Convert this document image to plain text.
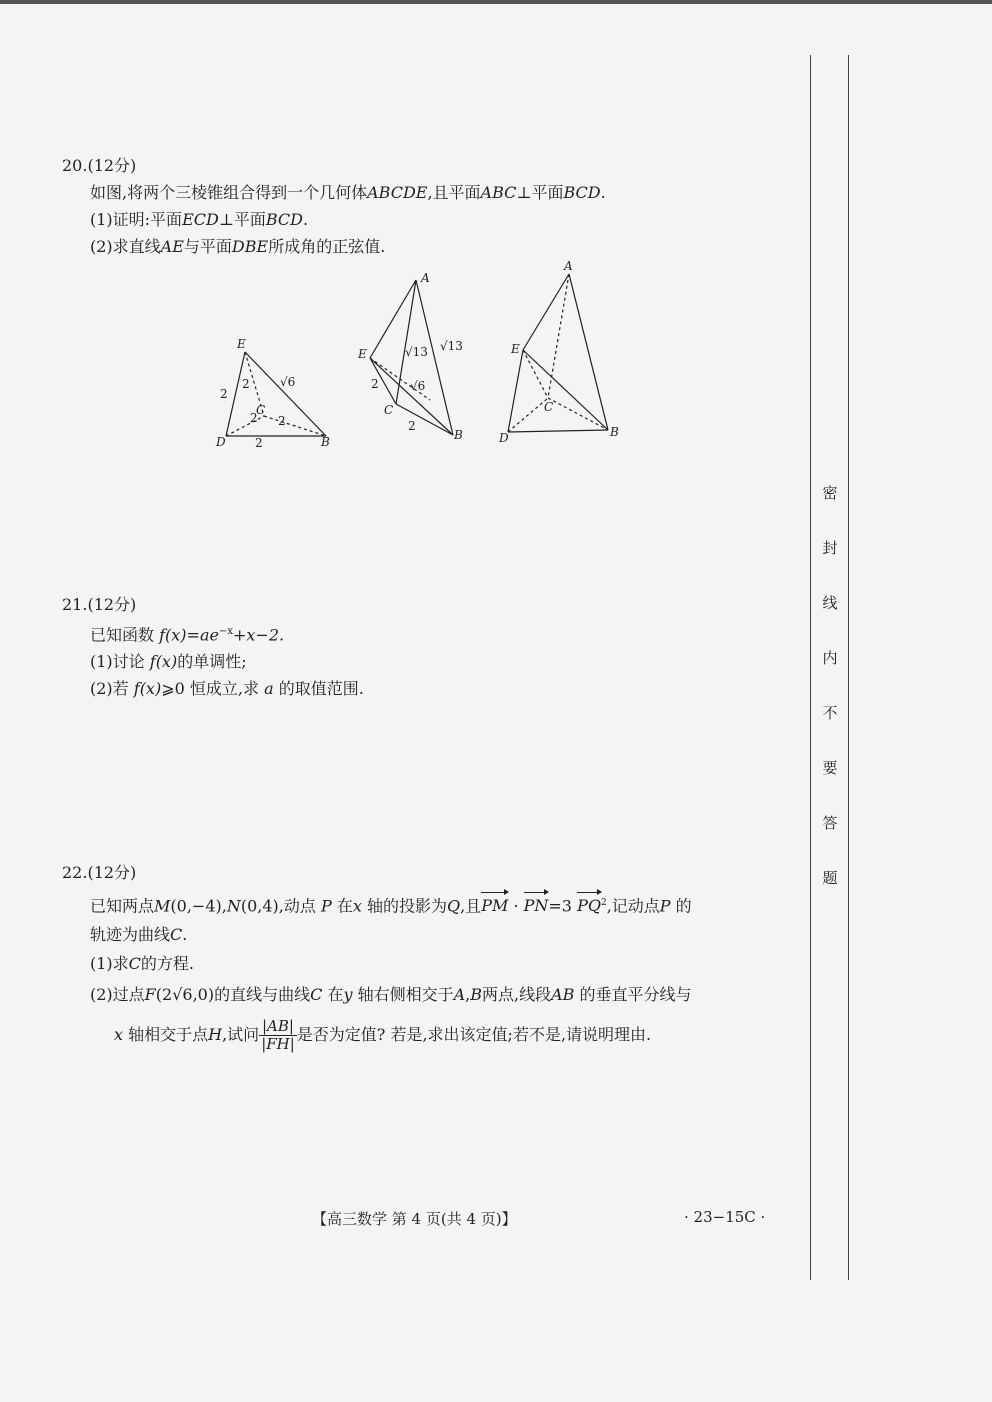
20.(12分)
如图,将两个三棱锥组合得到一个几何体ABCDE,且平面ABC⊥平面BCD.
(1)证明:平面ECD⊥平面BCD.
(2)求直线AE与平面DBE所成角的正弦值.
E
C
D	B
2
2	√6
2 2
2
A
E
C
B
√13 √13
2	√6
2
A
E
C
D	B
21.(12分)
已知函数 $f(x)=ae^{-x}+x-2$.
(1)讨论 f(x)的单调性;
(2)若 f(x)⩾0 恒成立,求 a 的取值范围.
22.(12分)
已知两点M(0,−4),N(0,4),动点 P 在x 轴的投影为Q,且PM · PN=3 $PQ^2$,记动点P 的
轨迹为曲线C.
(1)求C的方程.
(2)过点F(2√6,0)的直线与曲线C 在y 轴右侧相交于A,B两点,线段AB 的垂直平分线与
x 轴相交于点H,试问 $\frac{|AB|}{|FH|}$ 是否为定值? 若是,求出该定值;若不是,请说明理由.
密
封
线
内
不
要
答
题
【高三数学 第 4 页(共 4 页)】	· 23−15C ·
